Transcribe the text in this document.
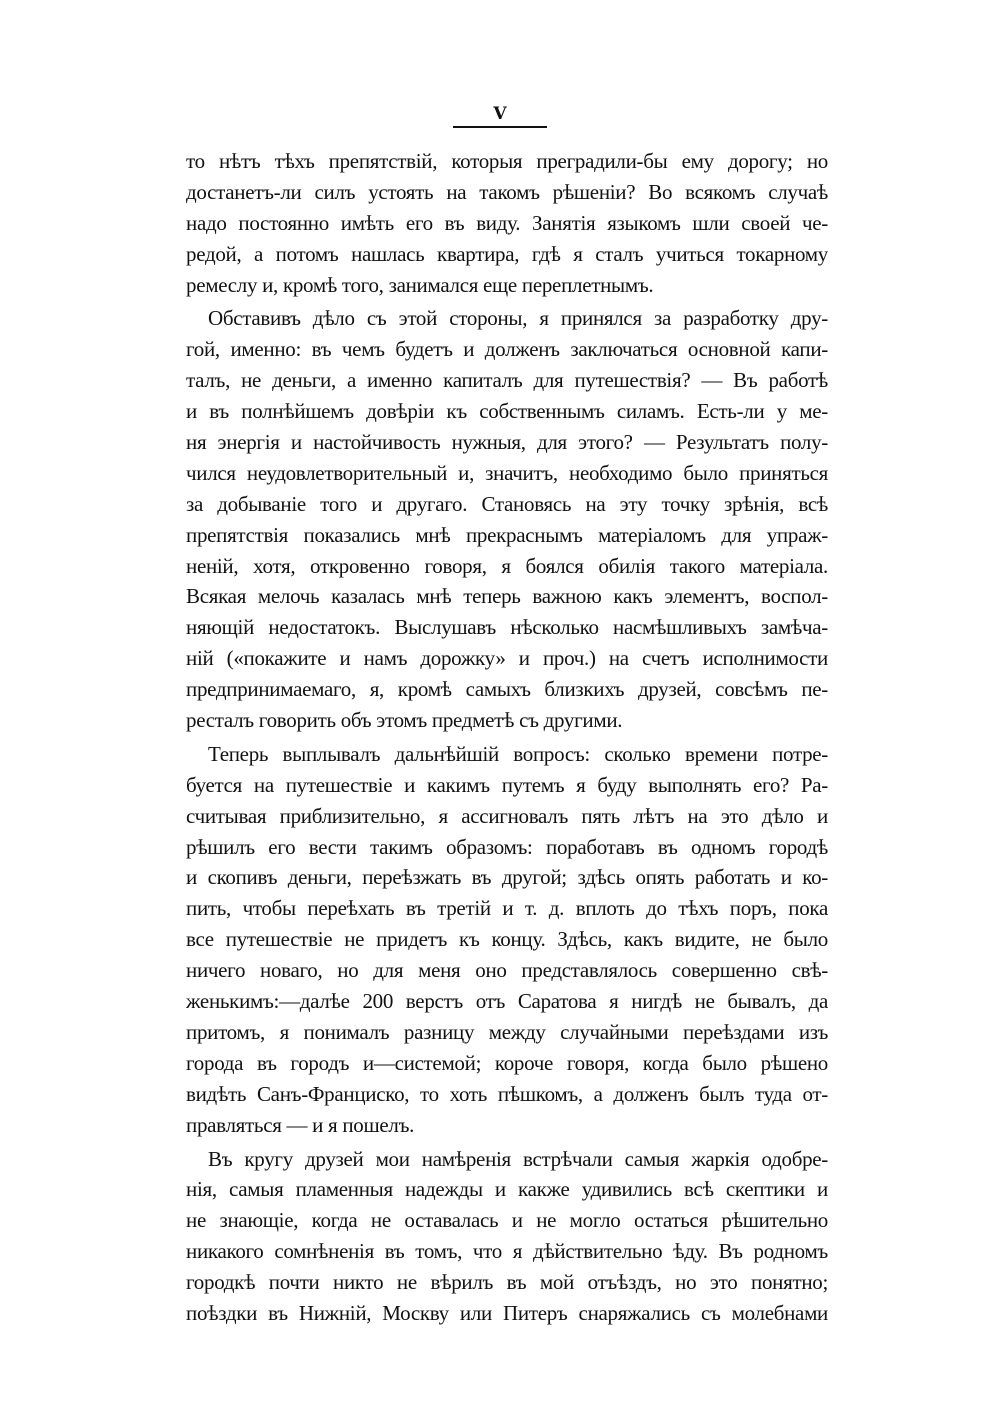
V
то нѣтъ тѣхъ препятствій, которыя преградили-бы ему дорогу; но
достанетъ-ли силъ устоять на такомъ рѣшеніи? Во всякомъ случаѣ
надо постоянно имѣть его въ виду. Занятія языкомъ шли своей че-
редой, а потомъ нашлась квартира, гдѣ я сталъ учиться токарному
ремеслу и, кромѣ того, занимался еще переплетнымъ.
Обставивъ дѣло съ этой стороны, я принялся за разработку дру-
гой, именно: въ чемъ будетъ и долженъ заключаться основной капи-
талъ, не деньги, а именно капиталъ для путешествія? — Въ работѣ
и въ полнѣйшемъ довѣріи къ собственнымъ силамъ. Есть-ли у ме-
ня энергія и настойчивость нужныя, для этого? — Результатъ полу-
чился неудовлетворительный и, значитъ, необходимо было приняться
за добываніе того и другаго. Становясь на эту точку зрѣнія, всѣ
препятствія показались мнѣ прекраснымъ матеріаломъ для упраж-
неній, хотя, откровенно говоря, я боялся обилія такого матеріала.
Всякая мелочь казалась мнѣ теперь важною какъ элементъ, воспол-
няющій недостатокъ. Выслушавъ нѣсколько насмѣшливыхъ замѣча-
ній («покажите и намъ дорожку» и проч.) на счетъ исполнимости
предпринимаемаго, я, кромѣ самыхъ близкихъ друзей, совсѣмъ пе-
ресталъ говорить объ этомъ предметѣ съ другими.
Теперь выплывалъ дальнѣйшій вопросъ: сколько времени потре-
буется на путешествіе и какимъ путемъ я буду выполнять его? Ра-
считывая приблизительно, я ассигновалъ пять лѣтъ на это дѣло и
рѣшилъ его вести такимъ образомъ: поработавъ въ одномъ городѣ
и скопивъ деньги, переѣзжать въ другой; здѣсь опять работать и ко-
пить, чтобы переѣхать въ третій и т. д. вплоть до тѣхъ поръ, пока
все путешествіе не придетъ къ концу. Здѣсь, какъ видите, не было
ничего новаго, но для меня оно представлялось совершенно свѣ-
женькимъ:—далѣе 200 верстъ отъ Саратова я нигдѣ не бывалъ, да
притомъ, я понималъ разницу между случайными переѣздами изъ
города въ городъ и—системой; короче говоря, когда было рѣшено
видѣть Санъ-Франциско, то хоть пѣшкомъ, а долженъ былъ туда от-
правляться — и я пошелъ.
Въ кругу друзей мои намѣренія встрѣчали самыя жаркія одобре-
нія, самыя пламенныя надежды и какже удивились всѣ скептики и
не знающіе, когда не оставалась и не могло остаться рѣшительно
никакого сомнѣненія въ томъ, что я дѣйствительно ѣду. Въ родномъ
городкѣ почти никто не вѣрилъ въ мой отъѣздъ, но это понятно;
поѣздки въ Нижній, Москву или Питеръ снаряжались съ молебнами
